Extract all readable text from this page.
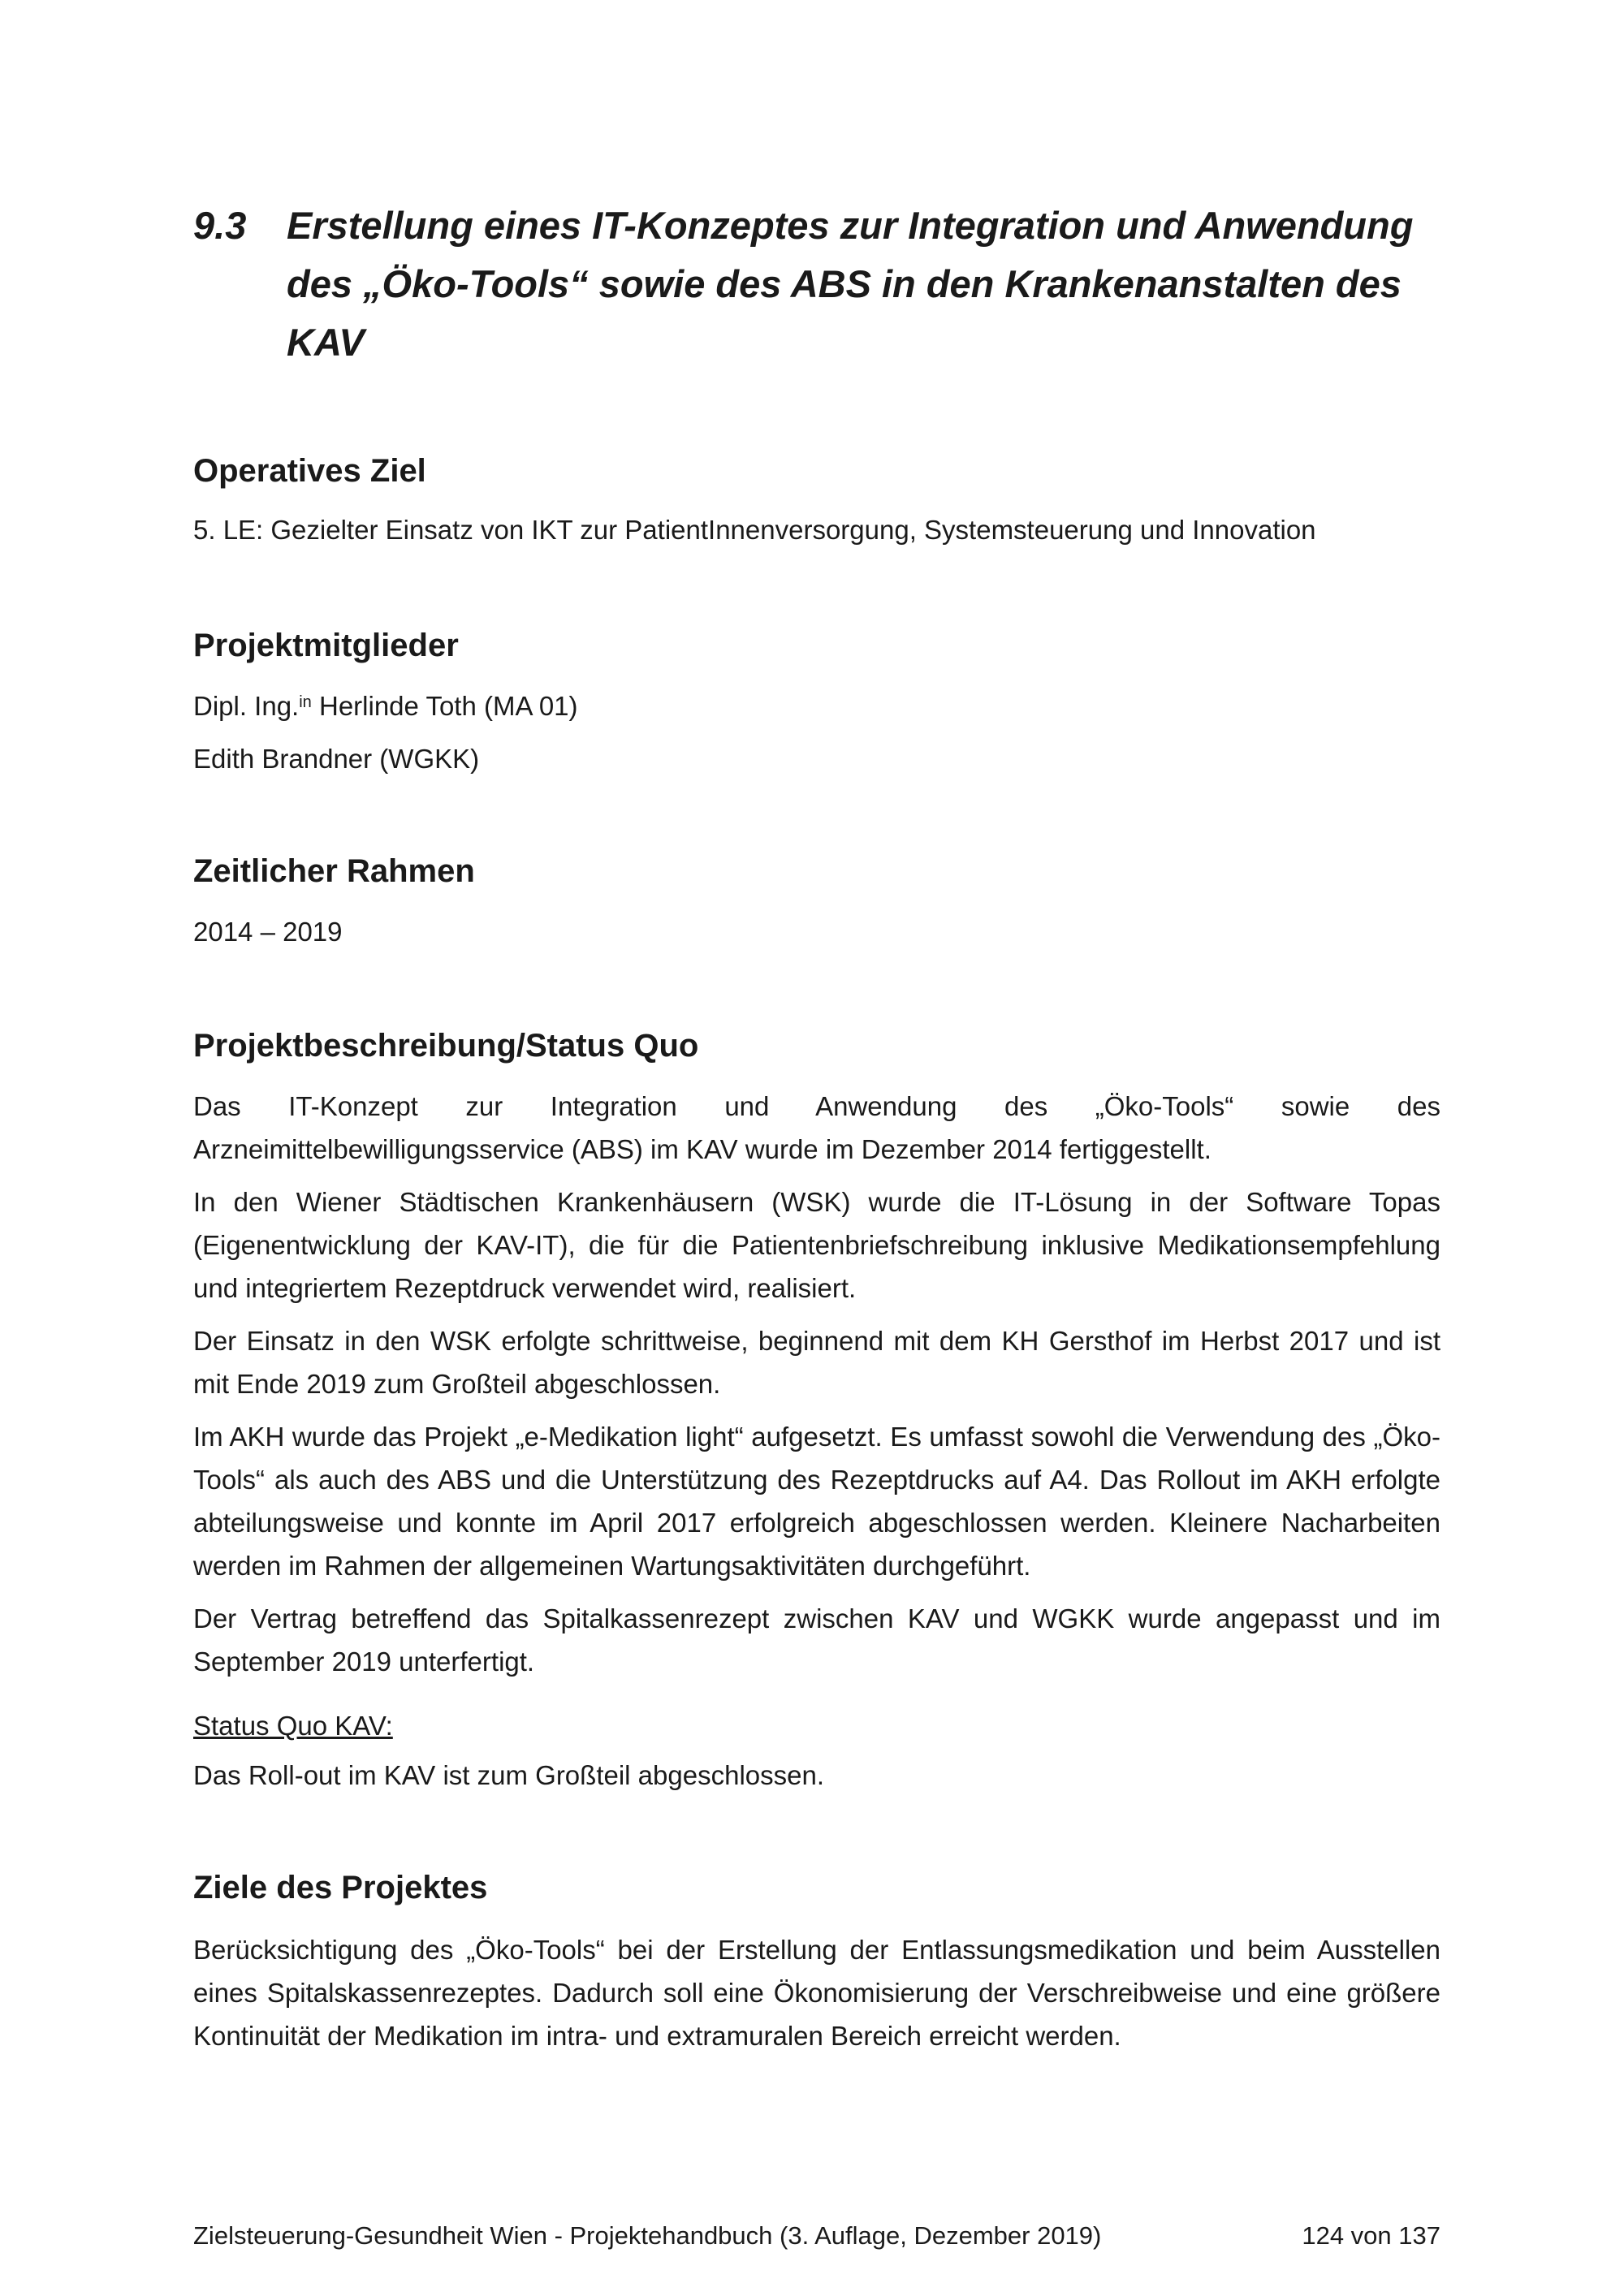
9.3	Erstellung eines IT-Konzeptes zur Integration und Anwendung
des „Öko-Tools“ sowie des ABS in den Krankenanstalten des KAV
Operatives Ziel

5. LE: Gezielter Einsatz von IKT zur PatientInnenversorgung, Systemsteuerung und Innovation

Projektmitglieder

Dipl. Ing.$^{in}$ Herlinde Toth (MA 01)

Edith Brandner (WGKK)

Zeitlicher Rahmen

2014 – 2019

Projektbeschreibung/Status Quo

Das IT-Konzept zur Integration und Anwendung des „Öko-Tools“ sowie des Arzneimittelbewilligungsservice (ABS) im KAV wurde im Dezember 2014 fertiggestellt.

In den Wiener Städtischen Krankenhäusern (WSK) wurde die IT-Lösung in der Software Topas (Eigenentwicklung der KAV-IT), die für die Patientenbriefschreibung inklusive Medikationsempfehlung und integriertem Rezeptdruck verwendet wird, realisiert.

Der Einsatz in den WSK erfolgte schrittweise, beginnend mit dem KH Gersthof im Herbst 2017 und ist mit Ende 2019 zum Großteil abgeschlossen.

Im AKH wurde das Projekt „e-Medikation light“ aufgesetzt. Es umfasst sowohl die Verwendung des „Öko-Tools“ als auch des ABS und die Unterstützung des Rezeptdrucks auf A4. Das Rollout im AKH erfolgte abteilungsweise und konnte im April 2017 erfolgreich abgeschlossen werden. Kleinere Nacharbeiten werden im Rahmen der allgemeinen Wartungsaktivitäten durchgeführt.

Der Vertrag betreffend das Spitalkassenrezept zwischen KAV und WGKK wurde angepasst und im September 2019 unterfertigt.

Status Quo KAV:

Das Roll-out im KAV ist zum Großteil abgeschlossen.

Ziele des Projektes

Berücksichtigung des „Öko-Tools“ bei der Erstellung der Entlassungsmedikation und beim Ausstellen eines Spitalskassenrezeptes. Dadurch soll eine Ökonomisierung der Verschreibweise und eine größere Kontinuität der Medikation im intra- und extramuralen Bereich erreicht werden.

Zielsteuerung-Gesundheit Wien - Projektehandbuch (3. Auflage, Dezember 2019)	124 von 137
